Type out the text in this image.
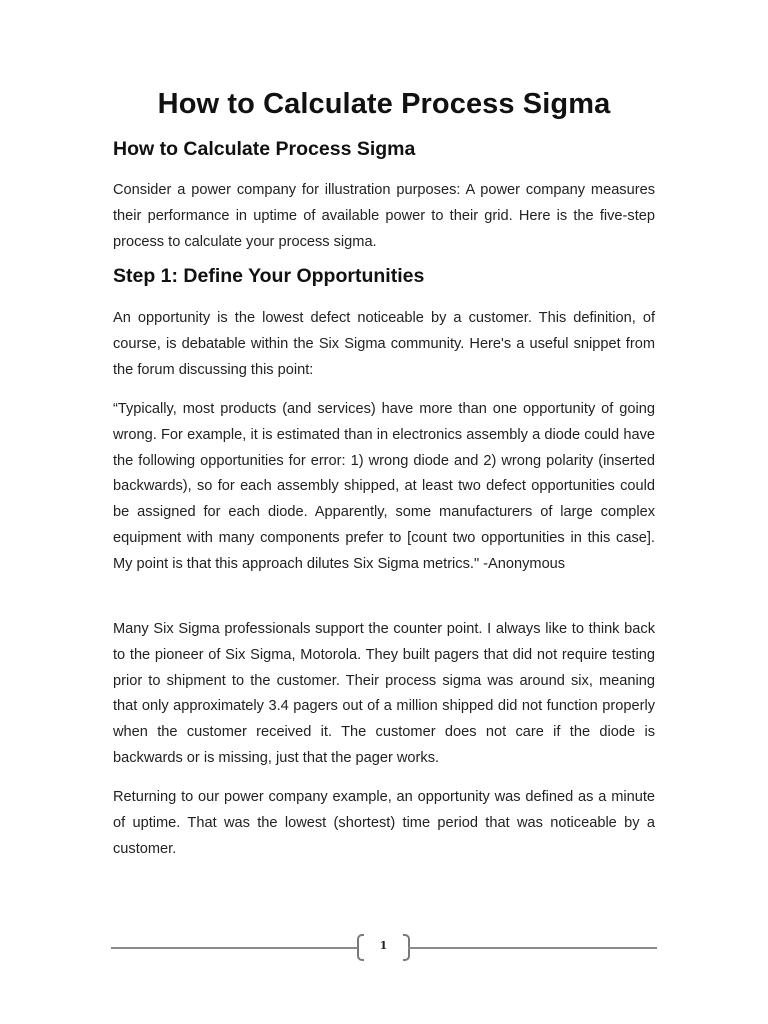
How to Calculate Process Sigma
How to Calculate Process Sigma

Consider a power company for illustration purposes: A power company measures their performance in uptime of available power to their grid. Here is the five-step process to calculate your process sigma.

Step 1: Define Your Opportunities

An opportunity is the lowest defect noticeable by a customer. This definition, of course, is debatable within the Six Sigma community. Here's a useful snippet from the forum discussing this point:

“Typically, most products (and services) have more than one opportunity of going wrong. For example, it is estimated than in electronics assembly a diode could have the following opportunities for error: 1) wrong diode and 2) wrong polarity (inserted backwards), so for each assembly shipped, at least two defect opportunities could be assigned for each diode. Apparently, some manufacturers of large complex equipment with many components prefer to [count two opportunities in this case]. My point is that this approach dilutes Six Sigma metrics." -Anonymous

Many Six Sigma professionals support the counter point. I always like to think back to the pioneer of Six Sigma, Motorola. They built pagers that did not require testing prior to shipment to the customer. Their process sigma was around six, meaning that only approximately 3.4 pagers out of a million shipped did not function properly when the customer received it. The customer does not care if the diode is backwards or is missing, just that the pager works.

Returning to our power company example, an opportunity was defined as a minute of uptime. That was the lowest (shortest) time period that was noticeable by a customer.

1
